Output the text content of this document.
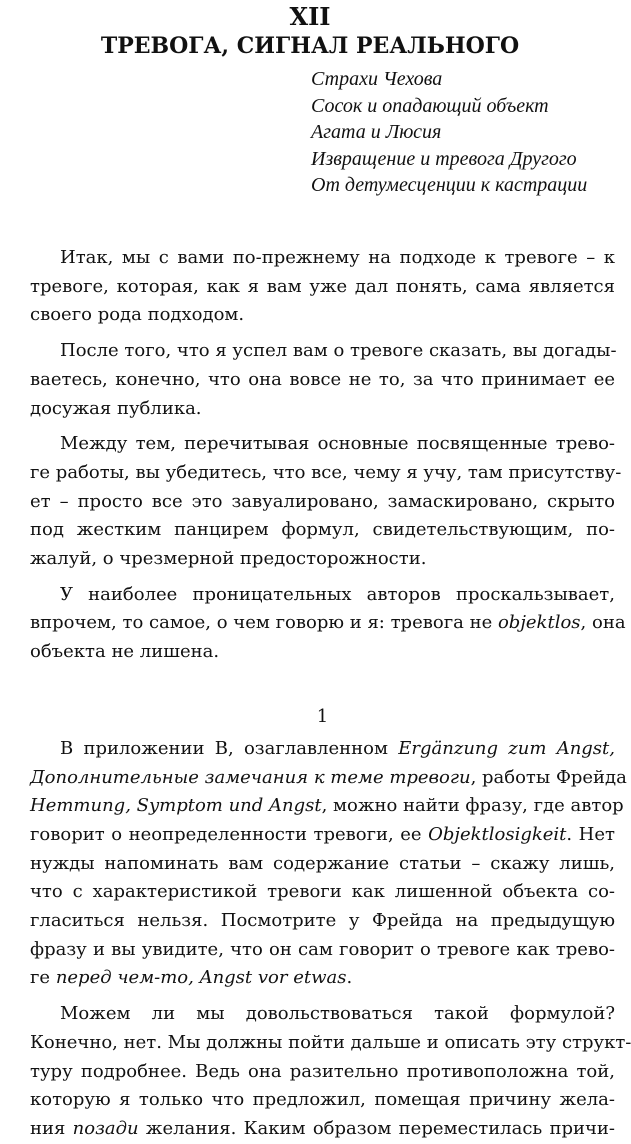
XII
ТРЕВОГА, СИГНАЛ РЕАЛЬНОГО
Страхи Чехова
Сосок и опадающий объект
Агата и Люсия
Извращение и тревога Другого
От детумесценции к кастрации

Итак, мы с вами по-прежнему на подходе к тревоге – к
тревоге, которая, как я вам уже дал понять, сама является
своего рода подходом.

После того, что я успел вам о тревоге сказать, вы догады-
ваетесь, конечно, что она вовсе не то, за что принимает ее
досужая публика.

Между тем, перечитывая основные посвященные трево-
ге работы, вы убедитесь, что все, чему я учу, там присутству-
ет – просто все это завуалировано, замаскировано, скрыто
под жестким панцирем формул, свидетельствующим, по-
жалуй, о чрезмерной предосторожности.

У наиболее проницательных авторов проскальзывает,
впрочем, то самое, о чем говорю и я: тревога не objektlos, она
объекта не лишена.

1

В приложении B, озаглавленном Ergänzung zum Angst,
Дополнительные замечания к теме тревоги, работы Фрейда
Hemmung, Symptom und Angst, можно найти фразу, где автор
говорит о неопределенности тревоги, ее Objektlosigkeit. Нет
нужды напоминать вам содержание статьи – скажу лишь,
что с характеристикой тревоги как лишенной объекта со-
гласиться нельзя. Посмотрите у Фрейда на предыдущую
фразу и вы увидите, что он сам говорит о тревоге как трево-
ге перед чем-то, Angst vor etwas.

Можем ли мы довольствоваться такой формулой?
Конечно, нет. Мы должны пойти дальше и описать эту структ-
туру подробнее. Ведь она разительно противоположна той,
которую я только что предложил, помещая причину жела-
ния позади желания. Каким образом переместилась причи-
